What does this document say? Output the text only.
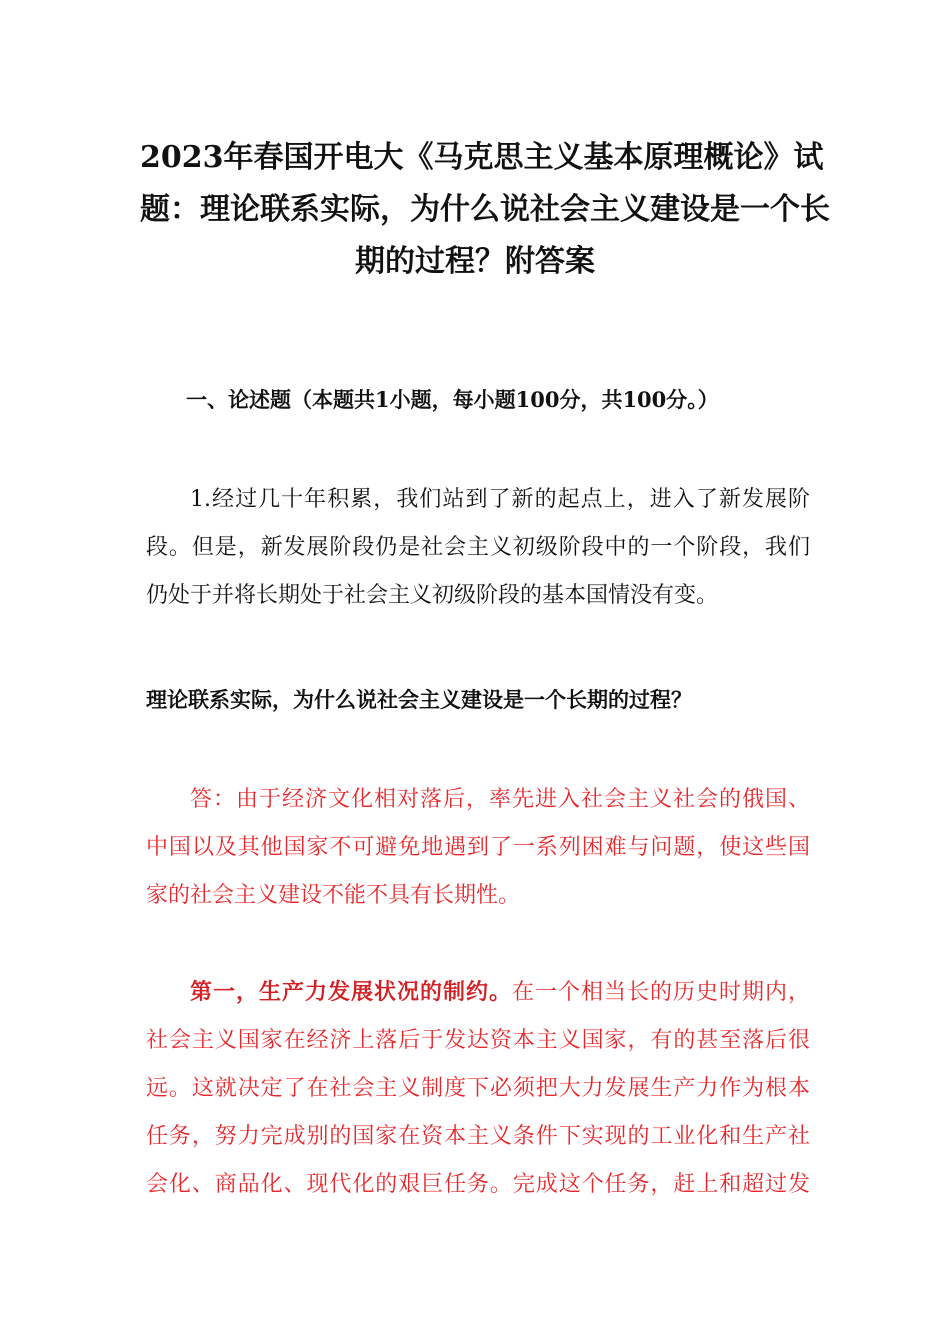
2023年春国开电大《马克思主义基本原理概论》试
题：理论联系实际，为什么说社会主义建设是一个长
期的过程？附答案
一、论述题（本题共1小题，每小题100分，共100分。）
1.经过几十年积累，我们站到了新的起点上，进入了新发展阶
段。但是，新发展阶段仍是社会主义初级阶段中的一个阶段，我们
仍处于并将长期处于社会主义初级阶段的基本国情没有变。
理论联系实际，为什么说社会主义建设是一个长期的过程？
答：由于经济文化相对落后，率先进入社会主义社会的俄国、
中国以及其他国家不可避免地遇到了一系列困难与问题，使这些国
家的社会主义建设不能不具有长期性。
第一，生产力发展状况的制约。在一个相当长的历史时期内，
社会主义国家在经济上落后于发达资本主义国家，有的甚至落后很
远。这就决定了在社会主义制度下必须把大力发展生产力作为根本
任务，努力完成别的国家在资本主义条件下实现的工业化和生产社
会化、商品化、现代化的艰巨任务。完成这个任务，赶上和超过发
